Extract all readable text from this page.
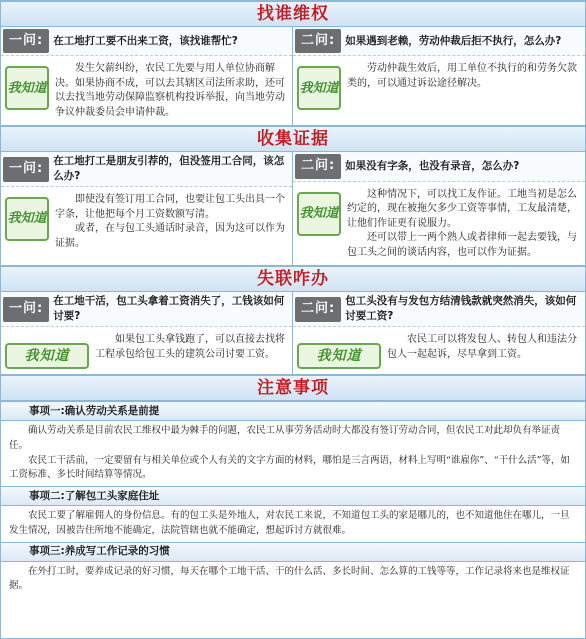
找谁维权
一问: 在工地打工要不出来工资，该找谁帮忙?
我知道

发生欠薪纠纷，农民工先要与用人单位协商解决。如果协商不成，可以去其辖区司法所求助，还可以去找当地劳动保障监察机构投诉举报，向当地劳动争议仲裁委员会申请仲裁。

二问: 如果遇到老赖，劳动仲裁后拒不执行，怎么办?
我知道

劳动仲裁生效后，用工单位不执行的和劳务欠款类的，可以通过诉讼途径解决。

收集证据
一问: 在工地打工是朋友引荐的，但没签用工合同，该怎么办?
我知道

即使没有签订用工合同，也要让包工头出具一个字条，让他把每个月工资数额写清。

或者，在与包工头通话时录音，因为这可以作为证据。

二问: 如果没有字条，也没有录音，怎么办?
我知道

这种情况下，可以找工友作证。工地当初是怎么约定的，现在被拖欠多少工资等事情，工友最清楚，让他们作证更有说服力。

还可以带上一两个熟人或者律师一起去要钱，与包工头之间的谈话内容，也可以作为证据。

失联咋办
一问: 在工地干活，包工头拿着工资消失了，工钱该如何讨要?
我知道

如果包工头拿钱跑了，可以直接去找将工程承包给包工头的建筑公司讨要工资。

二问: 包工头没有与发包方结清钱款就突然消失，该如何讨要工资?
我知道

农民工可以将发包人、转包人和违法分包人一起起诉，尽早拿到工资。

注意事项
事项一:确认劳动关系是前提

确认劳动关系是目前农民工维权中最为棘手的问题，农民工从事劳务活动时大都没有签订劳动合同，但农民工对此却负有举证责任。

农民工干活前，一定要留有与相关单位或个人有关的文字方面的材料，哪怕是三言两语，材料上写明“谁雇你”、“干什么活”等，如工资标准、多长时间结算等情况。

事项二:了解包工头家庭住址

农民工要了解雇佣人的身份信息。有的包工头是外地人，对农民工来说，不知道包工头的家是哪儿的，也不知道他住在哪儿，一旦发生情况，因被告住所地不能确定，法院管辖也就不能确定，想起诉讨方就很难。

事项三:养成写工作记录的习惯

在外打工时，要养成记录的好习惯，每天在哪个工地干活、干的什么活、多长时间、怎么算的工钱等等，工作记录将来也是维权证据。
